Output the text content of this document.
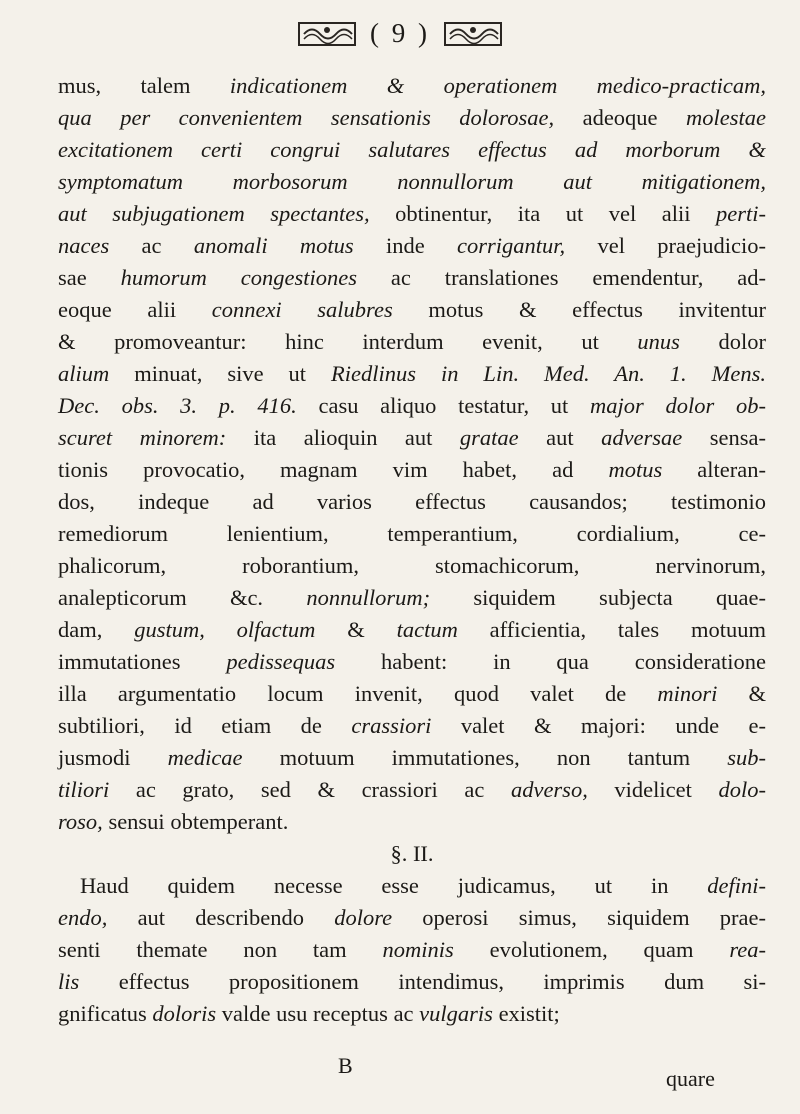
( 9 )
mus, talem indicationem & operationem medico-practicam,
qua per convenientem sensationis dolorosae, adeoque molestae
excitationem certi congrui salutares effectus ad morborum &
symptomatum morbosorum nonnullorum aut mitigationem,
aut subjugationem spectantes, obtinentur, ita ut vel alii perti-
naces ac anomali motus inde corrigantur, vel praejudicio-
sae humorum congestiones ac translationes emendentur, ad-
eoque alii connexi salubres motus & effectus invitentur
& promoveantur: hinc interdum evenit, ut unus dolor
alium minuat, sive ut Riedlinus in Lin. Med. An. 1. Mens.
Dec. obs. 3. p. 416. casu aliquo testatur, ut major dolor ob-
scuret minorem: ita alioquin aut gratae aut adversae sensa-
tionis provocatio, magnam vim habet, ad motus alteran-
dos, indeque ad varios effectus causandos; testimonio
remediorum lenientium, temperantium, cordialium, ce-
phalicorum, roborantium, stomachicorum, nervinorum,
analepticorum &c. nonnullorum; siquidem subjecta quae-
dam, gustum, olfactum & tactum afficientia, tales motuum
immutationes pedissequas habent: in qua consideratione
illa argumentatio locum invenit, quod valet de minori &
subtiliori, id etiam de crassiori valet & majori: unde e-
jusmodi medicae motuum immutationes, non tantum sub-
tiliori ac grato, sed & crassiori ac adverso, videlicet dolo-
roso, sensui obtemperant.
§. II.
Haud quidem necesse esse judicamus, ut in defini-
endo, aut describendo dolore operosi simus, siquidem prae-
senti themate non tam nominis evolutionem, quam rea-
lis effectus propositionem intendimus, imprimis dum si-
gnificatus doloris valde usu receptus ac vulgaris existit;
B
quare
